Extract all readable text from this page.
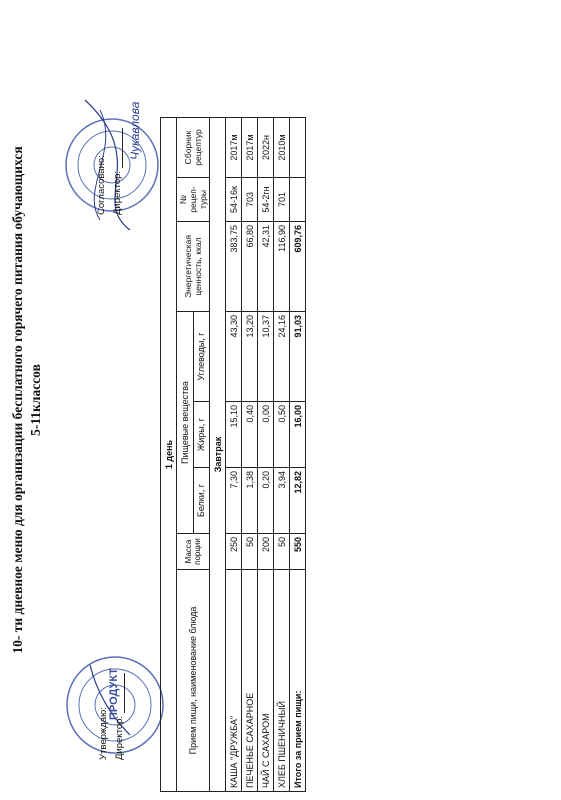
10- ти дневное меню для организации бесплатного горячего питания обучающихся 5-11классов
ПРОДУКТ
Утверждаю: Директор:
Чукавлова
Согласовано: Директор:
1 день							
Прием пищи, наименование блюда	Масса порции	Пищевые вещества			Энергетическая ценность, ккал	№ рецеп- туры	Сборник рецептур
		Белки, г	Жиры, г	Углеводы, г			
Завтрак							
КАША "ДРУЖБА"	250	7,30	15,10	43,30	383,75	54-16к	2017м
ПЕЧЕНЬЕ САХАРНОЕ	50	1,38	0,40	13,20	66,80	703	2017м
ЧАЙ С САХАРОМ	200	0,20	0,00	10,37	42,31	54-2гн	2022н
ХЛЕБ ПШЕНИЧНЫЙ	50	3,94	0,50	24,16	116,90	701	2010м
Итого за прием пищи:	550	12,82	16,00	91,03	609,76		
